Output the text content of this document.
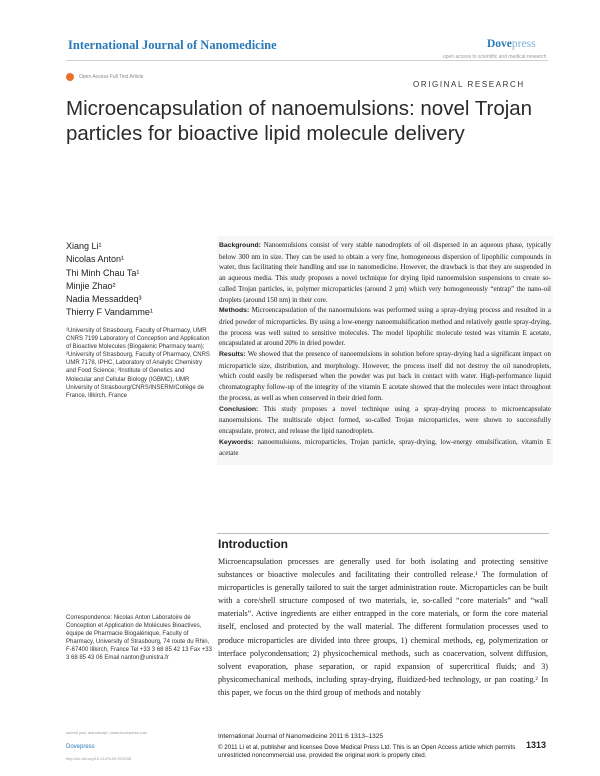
International Journal of Nanomedicine	Dovepress
open access to scientific and medical research
Open Access Full Text Article
ORIGINAL RESEARCH
Microencapsulation of nanoemulsions: novel Trojan particles for bioactive lipid molecule delivery
Xiang Li¹
Nicolas Anton¹
Thi Minh Chau Ta¹
Minjie Zhao²
Nadia Messaddeq³
Thierry F Vandamme¹
¹University of Strasbourg, Faculty of Pharmacy, UMR CNRS 7199 Laboratory of Conception and Application of Bioactive Molecules (Biogalenic Pharmacy team); ²University of Strasbourg, Faculty of Pharmacy, CNRS UMR 7178, IPHC, Laboratory of Analytic Chemistry and Food Science; ³Institute of Genetics and Molecular and Cellular Biology (IGBMC), UMR University of Strasbourg/CNRS/INSERM/Collège de France, Illkirch, France
Correspondence: Nicolas Anton Laboratoire de Conception et Application de Molécules Bioactives, équipe de Pharmacie Biogalénique, Faculty of Pharmacy, University of Strasbourg, 74 route du Rhin, F-67400 Illkirch, France Tel +33 3 68 85 42 13 Fax +33 3 68 85 43 06 Email nanton@unistra.fr

Background: Nanoemulsions consist of very stable nanodroplets of oil dispersed in an aqueous phase, typically below 300 nm in size. They can be used to obtain a very fine, homogeneous dispersion of lipophilic compounds in water, thus facilitating their handling and use in nanomedicine. However, the drawback is that they are suspended in an aqueous media. This study proposes a novel technique for drying lipid nanoemulsion suspensions to create so-called Trojan particles, ie, polymer microparticles (around 2 μm) which very homogeneously “entrap” the nano-oil droplets (around 150 nm) in their core.

Methods: Microencapsulation of the nanoemulsions was performed using a spray-drying process and resulted in a dried powder of microparticles. By using a low-energy nanoemulsification method and relatively gentle spray-drying, the process was well suited to sensitive molecules. The model lipophilic molecule tested was vitamin E acetate, encapsulated at around 20% in dried powder.

Results: We showed that the presence of nanoemulsions in solution before spray-drying had a significant impact on microparticle size, distribution, and morphology. However, the process itself did not destroy the oil nanodroplets, which could easily be redispersed when the powder was put back in contact with water. High-performance liquid chromatography follow-up of the integrity of the vitamin E acetate showed that the molecules were intact throughout the process, as well as when conserved in their dried form.

Conclusion: This study proposes a novel technique using a spray-drying process to microencapsulate nanoemulsions. The multiscale object formed, so-called Trojan microparticles, were shown to successfully encapsulate, protect, and release the lipid nanodroplets.

Keywords: nanoemulsions, microparticles, Trojan particle, spray-drying, low-energy emulsification, vitamin E acetate

Introduction

Microencapsulation processes are generally used for both isolating and protecting sensitive substances or bioactive molecules and facilitating their controlled release.¹ The formulation of microparticles is generally tailored to suit the target administration route. Microparticles can be built with a core/shell structure composed of two materials, ie, so-called “core materials” and “wall materials”. Active ingredients are either entrapped in the core materials, or form the core material itself, enclosed and protected by the wall material. The different formulation processes used to produce microparticles are divided into three groups, 1) chemical methods, eg, polymerization or interface polycondensation; 2) physicochemical methods, such as coacervation, solvent diffusion, solvent evaporation, phase separation, or rapid expansion of supercritical fluids; and 3) physicomechanical methods, including spray-drying, fluidized-bed technology, or pan coating.² In this paper, we focus on the third group of methods and notably

submit your manuscript | www.dovepress.com
Dovepress
http://dx.doi.org/10.2147/IJN.S23033
International Journal of Nanomedicine 2011:6 1313–1325
© 2011 Li et al, publisher and licensee Dove Medical Press Ltd. This is an Open Access article which permits unrestricted noncommercial use, provided the original work is properly cited.
1313
